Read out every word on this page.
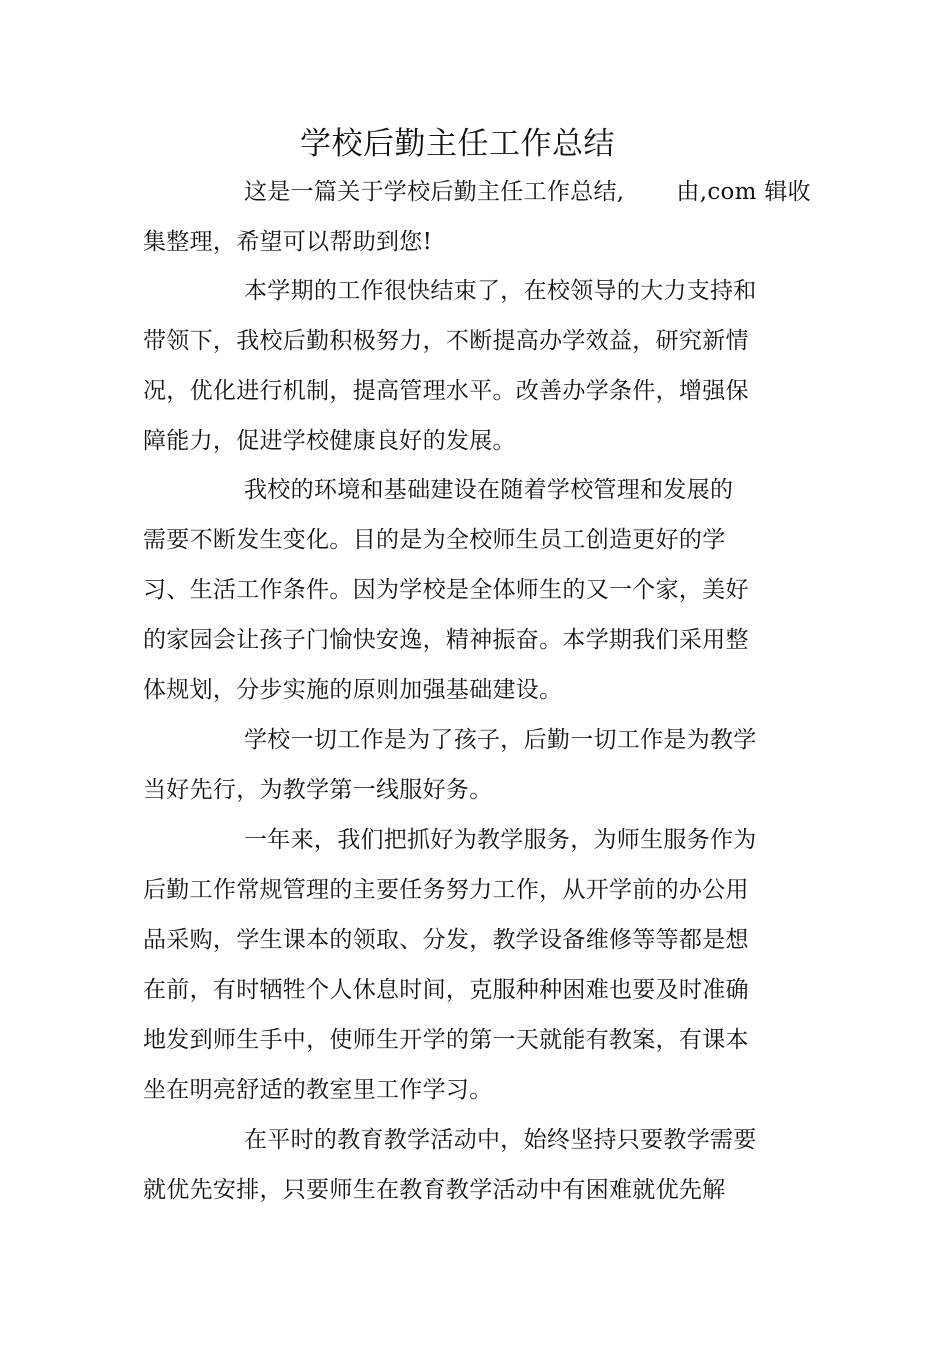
学校后勤主任工作总结
这是一篇关于学校后勤主任工作总结, 由,com 辑收
集整理，希望可以帮助到您!
本学期的工作很快结束了，在校领导的大力支持和
带领下，我校后勤积极努力，不断提高办学效益，研究新情
况，优化进行机制，提高管理水平。改善办学条件，增强保
障能力，促进学校健康良好的发展。
我校的环境和基础建设在随着学校管理和发展的
需要不断发生变化。目的是为全校师生员工创造更好的学
习、生活工作条件。因为学校是全体师生的又一个家，美好
的家园会让孩子门愉快安逸，精神振奋。本学期我们采用整
体规划，分步实施的原则加强基础建设。
学校一切工作是为了孩子，后勤一切工作是为教学
当好先行，为教学第一线服好务。
一年来，我们把抓好为教学服务，为师生服务作为
后勤工作常规管理的主要任务努力工作，从开学前的办公用
品采购，学生课本的领取、分发，教学设备维修等等都是想
在前，有时牺牲个人休息时间，克服种种困难也要及时准确
地发到师生手中，使师生开学的第一天就能有教案，有课本
坐在明亮舒适的教室里工作学习。
在平时的教育教学活动中，始终坚持只要教学需要
就优先安排，只要师生在教育教学活动中有困难就优先解
